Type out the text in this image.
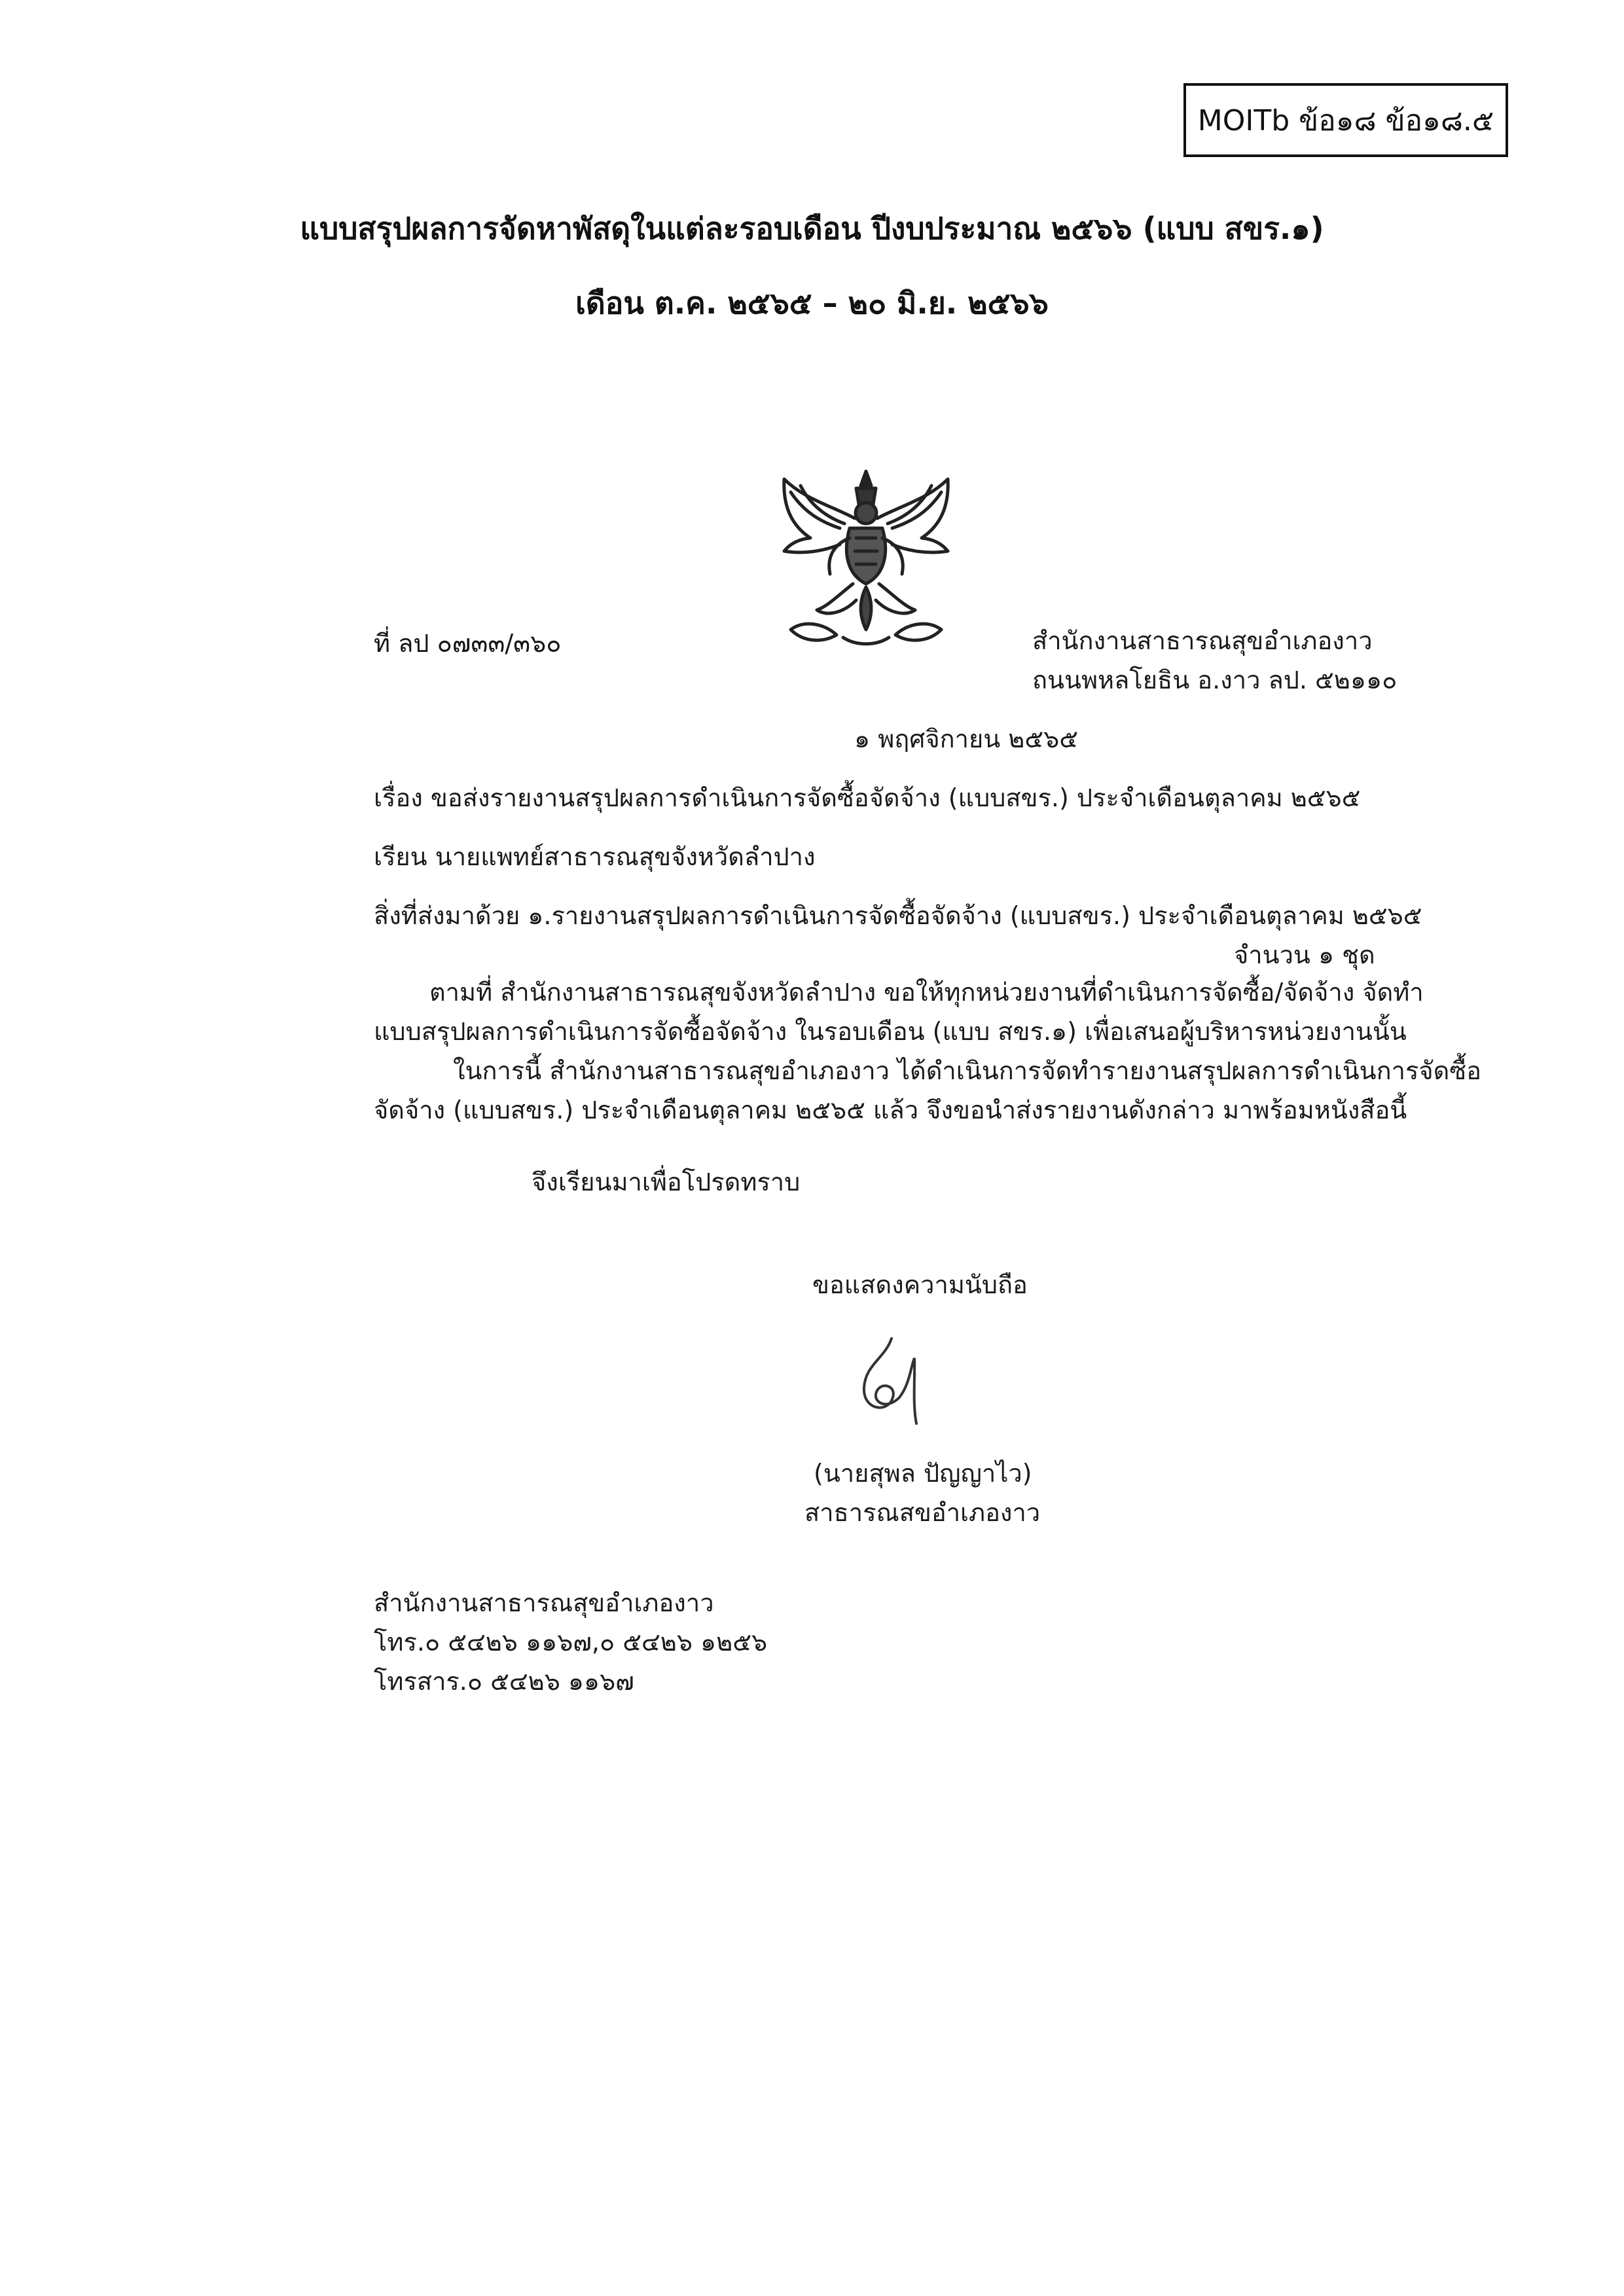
MOITb ข้อ๑๘ ข้อ๑๘.๕
แบบสรุปผลการจัดหาพัสดุในแต่ละรอบเดือน ปีงบประมาณ ๒๕๖๖ (แบบ สขร.๑)
เดือน ต.ค. ๒๕๖๕ – ๒๐ มิ.ย. ๒๕๖๖
ที่ ลป ๐๗๓๓/๓๖๐	สำนักงานสาธารณสุขอำเภองาว
ถนนพหลโยธิน อ.งาว ลป. ๕๒๑๑๐
๑ พฤศจิกายน ๒๕๖๕
เรื่อง ขอส่งรายงานสรุปผลการดำเนินการจัดซื้อจัดจ้าง (แบบสขร.) ประจำเดือนตุลาคม ๒๕๖๕
เรียน นายแพทย์สาธารณสุขจังหวัดลำปาง
สิ่งที่ส่งมาด้วย ๑.รายงานสรุปผลการดำเนินการจัดซื้อจัดจ้าง (แบบสขร.) ประจำเดือนตุลาคม ๒๕๖๕
จำนวน ๑ ชุด
ตามที่ สำนักงานสาธารณสุขจังหวัดลำปาง ขอให้ทุกหน่วยงานที่ดำเนินการจัดซื้อ/จัดจ้าง จัดทำ
แบบสรุปผลการดำเนินการจัดซื้อจัดจ้าง ในรอบเดือน (แบบ สขร.๑) เพื่อเสนอผู้บริหารหน่วยงานนั้น
ในการนี้ สำนักงานสาธารณสุขอำเภองาว ได้ดำเนินการจัดทำรายงานสรุปผลการดำเนินการจัดซื้อ
จัดจ้าง (แบบสขร.) ประจำเดือนตุลาคม ๒๕๖๕ แล้ว จึงขอนำส่งรายงานดังกล่าว มาพร้อมหนังสือนี้
จึงเรียนมาเพื่อโปรดทราบ
ขอแสดงความนับถือ
(นายสุพล ปัญญาไว)
สาธารณสขอำเภองาว
สำนักงานสาธารณสุขอำเภองาว
โทร.๐ ๕๔๒๖ ๑๑๖๗,๐ ๕๔๒๖ ๑๒๕๖
โทรสาร.๐ ๕๔๒๖ ๑๑๖๗
